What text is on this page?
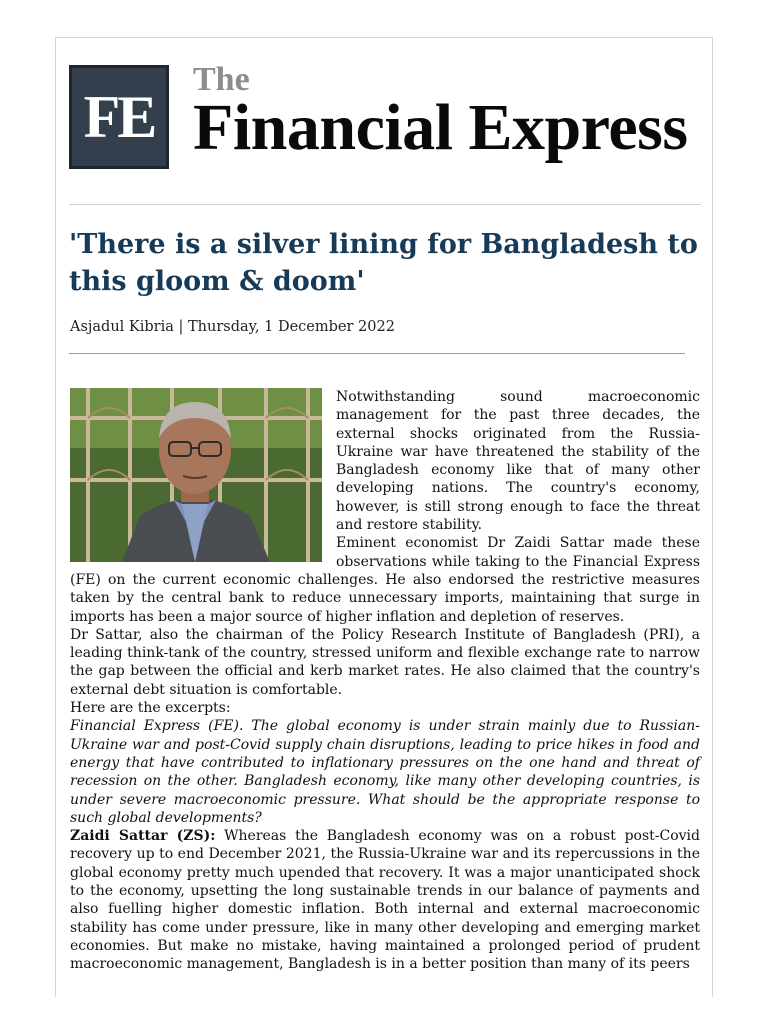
FE
The
Financial Express
'There is a silver lining for Bangladesh to this gloom & doom'
Asjadul Kibria | Thursday, 1 December 2022

Notwithstanding sound macroeconomic management for the past three decades, the external shocks originated from the Russia-Ukraine war have threatened the stability of the Bangladesh economy like that of many other developing nations. The country's economy, however, is still strong enough to face the threat and restore stability.

Eminent economist Dr Zaidi Sattar made these observations while taking to the Financial Express (FE) on the current economic challenges. He also endorsed the restrictive measures taken by the central bank to reduce unnecessary imports, maintaining that surge in imports has been a major source of higher inflation and depletion of reserves.

Dr Sattar, also the chairman of the Policy Research Institute of Bangladesh (PRI), a leading think-tank of the country, stressed uniform and flexible exchange rate to narrow the gap between the official and kerb market rates. He also claimed that the country's external debt situation is comfortable.

Here are the excerpts:

Financial Express (FE). The global economy is under strain mainly due to Russian-Ukraine war and post-Covid supply chain disruptions, leading to price hikes in food and energy that have contributed to inflationary pressures on the one hand and threat of recession on the other. Bangladesh economy, like many other developing countries, is under severe macroeconomic pressure. What should be the appropriate response to such global developments?

Zaidi Sattar (ZS): Whereas the Bangladesh economy was on a robust post-Covid recovery up to end December 2021, the Russia-Ukraine war and its repercussions in the global economy pretty much upended that recovery. It was a major unanticipated shock to the economy, upsetting the long sustainable trends in our balance of payments and also fuelling higher domestic inflation. Both internal and external macroeconomic stability has come under pressure, like in many other developing and emerging market economies. But make no mistake, having maintained a prolonged period of prudent macroeconomic management, Bangladesh is in a better position than many of its peers
